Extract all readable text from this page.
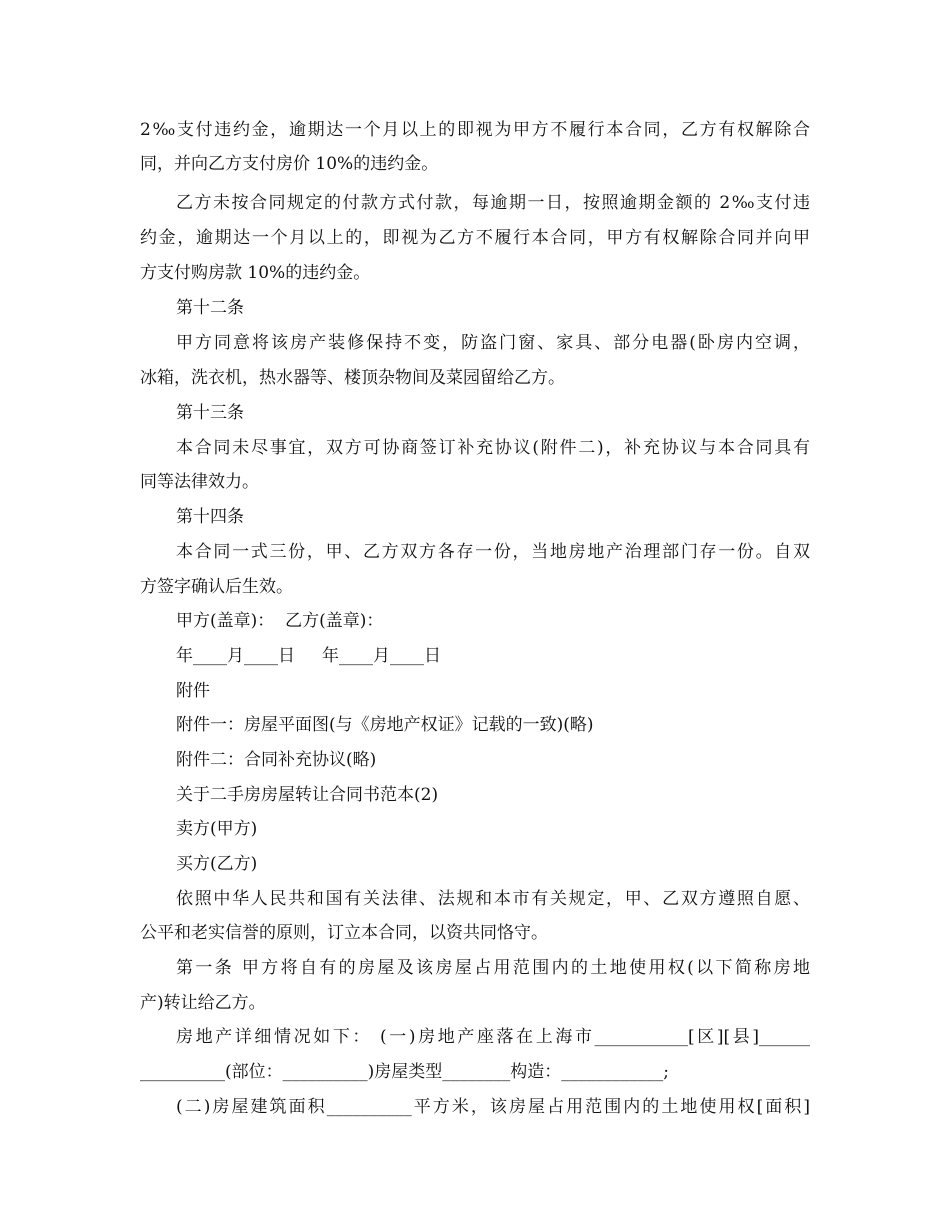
2‰支付违约金，逾期达一个月以上的即视为甲方不履行本合同，乙方有权解除合
同，并向乙方支付房价 10%的违约金。
乙方未按合同规定的付款方式付款，每逾期一日，按照逾期金额的 2‰支付违
约金，逾期达一个月以上的，即视为乙方不履行本合同，甲方有权解除合同并向甲
方支付购房款 10%的违约金。
第十二条
甲方同意将该房产装修保持不变，防盗门窗、家具、部分电器(卧房内空调，
冰箱，洗衣机，热水器等、楼顶杂物间及菜园留给乙方。
第十三条
本合同未尽事宜，双方可协商签订补充协议(附件二)，补充协议与本合同具有
同等法律效力。
第十四条
本合同一式三份，甲、乙方双方各存一份，当地房地产治理部门存一份。自双
方签字确认后生效。
甲方(盖章)：  乙方(盖章)：
年____月____日     年____月____日
附件
附件一：房屋平面图(与《房地产权证》记载的一致)(略)
附件二：合同补充协议(略)
关于二手房房屋转让合同书范本(2)
卖方(甲方)
买方(乙方)
依照中华人民共和国有关法律、法规和本市有关规定，甲、乙双方遵照自愿、
公平和老实信誉的原则，订立本合同，以资共同恪守。
第一条 甲方将自有的房屋及该房屋占用范围内的土地使用权(以下简称房地
产)转让给乙方。
房地产详细情况如下： (一)房地产座落在上海市___________[区][县]______
__________(部位：__________)房屋类型________构造：____________;
(二)房屋建筑面积__________平方米，该房屋占用范围内的土地使用权[面积]
